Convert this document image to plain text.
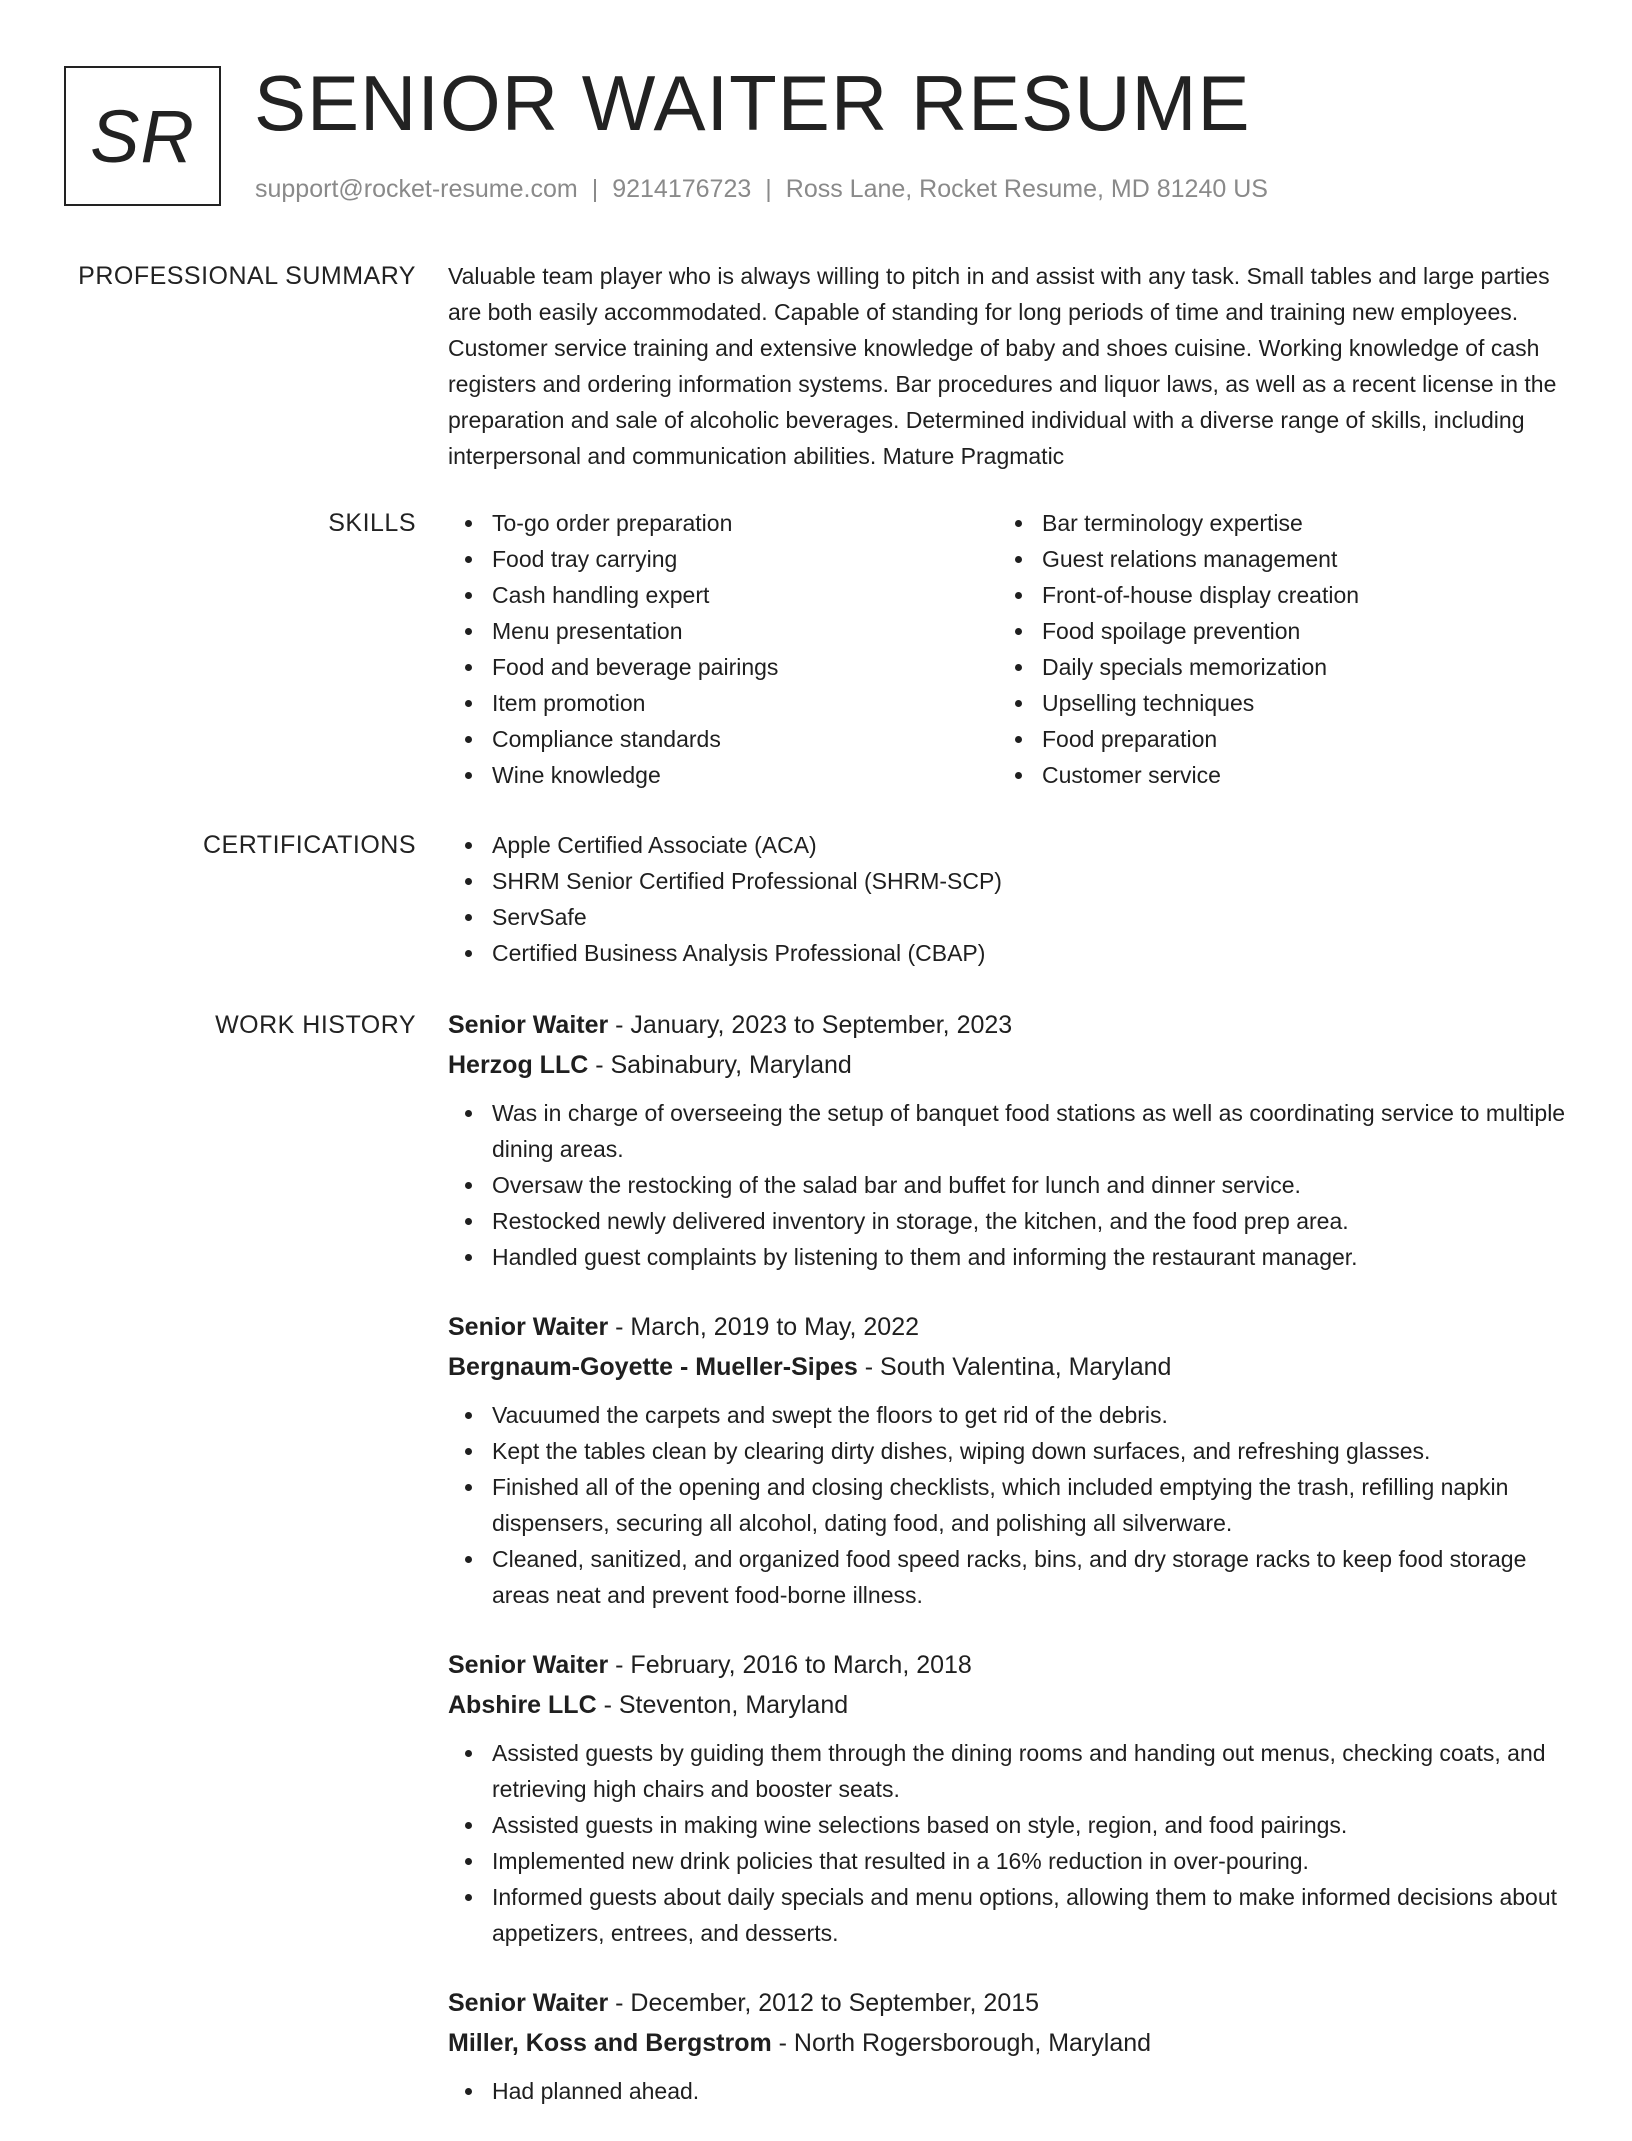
SR SENIOR WAITER RESUME
support@rocket-resume.com | 9214176723 | Ross Lane, Rocket Resume, MD 81240 US
PROFESSIONAL SUMMARY Valuable team player who is always willing to pitch in and assist with any task. Small tables and large parties are both easily accommodated. Capable of standing for long periods of time and training new employees. Customer service training and extensive knowledge of baby and shoes cuisine. Working knowledge of cash registers and ordering information systems. Bar procedures and liquor laws, as well as a recent license in the preparation and sale of alcoholic beverages. Determined individual with a diverse range of skills, including interpersonal and communication abilities. Mature Pragmatic

SKILLS	To-go order preparation
Food tray carrying
Cash handling expert
Menu presentation
Food and beverage pairings
Item promotion
Compliance standards
Wine knowledge
Bar terminology expertise
Guest relations management
Front-of-house display creation
Food spoilage prevention
Daily specials memorization
Upselling techniques
Food preparation
Customer service
CERTIFICATIONS	Apple Certified Associate (ACA)
SHRM Senior Certified Professional (SHRM-SCP)
ServSafe
Certified Business Analysis Professional (CBAP)
WORK HISTORY Senior Waiter - January, 2023 to September, 2023
Herzog LLC - Sabinabury, Maryland
Was in charge of overseeing the setup of banquet food stations as well as coordinating service to multiple dining areas.
Oversaw the restocking of the salad bar and buffet for lunch and dinner service.
Restocked newly delivered inventory in storage, the kitchen, and the food prep area.
Handled guest complaints by listening to them and informing the restaurant manager.
Senior Waiter - March, 2019 to May, 2022
Bergnaum-Goyette - Mueller-Sipes - South Valentina, Maryland
Vacuumed the carpets and swept the floors to get rid of the debris.
Kept the tables clean by clearing dirty dishes, wiping down surfaces, and refreshing glasses.
Finished all of the opening and closing checklists, which included emptying the trash, refilling napkin dispensers, securing all alcohol, dating food, and polishing all silverware.
Cleaned, sanitized, and organized food speed racks, bins, and dry storage racks to keep food storage areas neat and prevent food-borne illness.
Senior Waiter - February, 2016 to March, 2018
Abshire LLC - Steventon, Maryland
Assisted guests by guiding them through the dining rooms and handing out menus, checking coats, and retrieving high chairs and booster seats.
Assisted guests in making wine selections based on style, region, and food pairings.
Implemented new drink policies that resulted in a 16% reduction in over-pouring.
Informed guests about daily specials and menu options, allowing them to make informed decisions about appetizers, entrees, and desserts.
Senior Waiter - December, 2012 to September, 2015
Miller, Koss and Bergstrom - North Rogersborough, Maryland
Had planned ahead.
